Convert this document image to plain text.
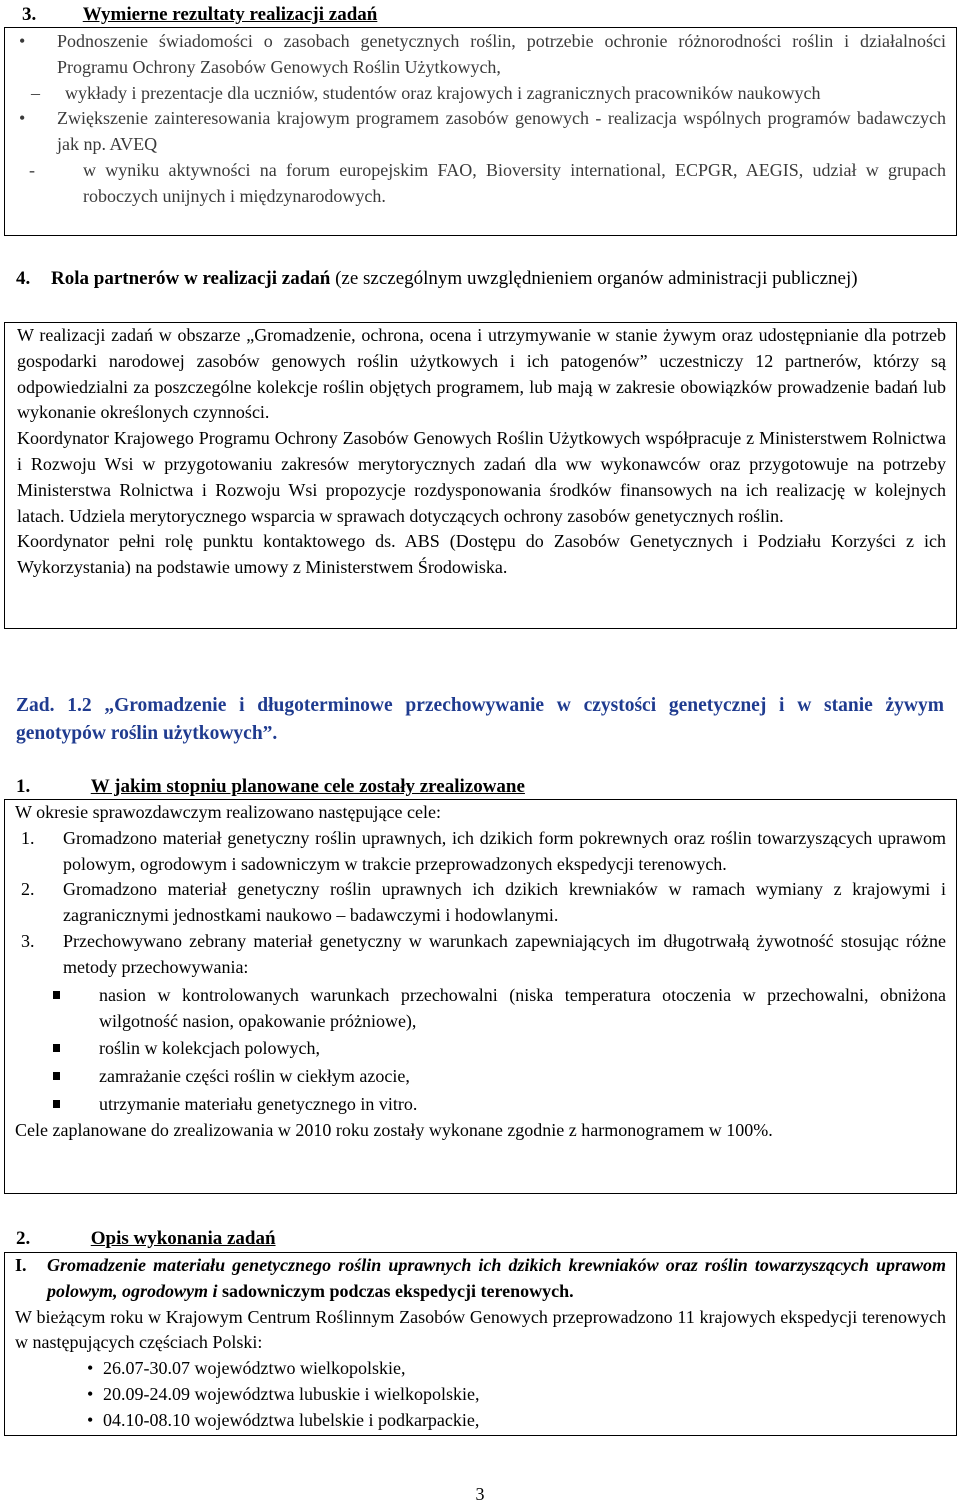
3. Wymierne rezultaty realizacji zadań
• Podnoszenie świadomości o zasobach genetycznych roślin, potrzebie ochronie różnorodności roślin i działalności Programu Ochrony Zasobów Genowych Roślin Użytkowych,
– wykłady i prezentacje dla uczniów, studentów oraz krajowych i zagranicznych pracowników naukowych
• Zwiększenie zainteresowania krajowym programem zasobów genowych - realizacja wspólnych programów badawczych jak np. AVEQ
-	w wyniku aktywności na forum europejskim FAO, Bioversity international, ECPGR, AEGIS, udział w grupach roboczych unijnych i międzynarodowych.
4. Rola partnerów w realizacji zadań (ze szczególnym uwzględnieniem organów administracji publicznej)

W realizacji zadań w obszarze „Gromadzenie, ochrona, ocena i utrzymywanie w stanie żywym oraz udostępnianie dla potrzeb gospodarki narodowej zasobów genowych roślin użytkowych i ich patogenów” uczestniczy 12 partnerów, którzy są odpowiedzialni za poszczególne kolekcje roślin objętych programem, lub mają w zakresie obowiązków prowadzenie badań lub wykonanie określonych czynności.

Koordynator Krajowego Programu Ochrony Zasobów Genowych Roślin Użytkowych współpracuje z Ministerstwem Rolnictwa i Rozwoju Wsi w przygotowaniu zakresów merytorycznych zadań dla ww wykonawców oraz przygotowuje na potrzeby Ministerstwa Rolnictwa i Rozwoju Wsi propozycje rozdysponowania środków finansowych na ich realizację w kolejnych latach. Udziela merytorycznego wsparcia w sprawach dotyczących ochrony zasobów genetycznych roślin.

Koordynator pełni rolę punktu kontaktowego ds. ABS (Dostępu do Zasobów Genetycznych i Podziału Korzyści z ich Wykorzystania) na podstawie umowy z Ministerstwem Środowiska.

Zad. 1.2 „Gromadzenie i długoterminowe przechowywanie w czystości genetycznej i w stanie żywym genotypów roślin użytkowych”.
1.	W jakim stopniu planowane cele zostały zrealizowane

W okresie sprawozdawczym realizowano następujące cele:

1. Gromadzono materiał genetyczny roślin uprawnych, ich dzikich form pokrewnych oraz roślin towarzyszących uprawom polowym, ogrodowym i sadowniczym w trakcie przeprowadzonych ekspedycji terenowych.
2. Gromadzono materiał genetyczny roślin uprawnych ich dzikich krewniaków w ramach wymiany z krajowymi i zagranicznymi jednostkami naukowo – badawczymi i hodowlanymi.
3. Przechowywano zebrany materiał genetyczny w warunkach zapewniających im długotrwałą żywotność stosując różne metody przechowywania:
nasion w kontrolowanych warunkach przechowalni (niska temperatura otoczenia w przechowalni, obniżona wilgotność nasion, opakowanie próżniowe),
roślin w kolekcjach polowych,
zamrażanie części roślin w ciekłym azocie,
utrzymanie materiału genetycznego in vitro.

Cele zaplanowane do zrealizowania w 2010 roku zostały wykonane zgodnie z harmonogramem w 100%.

2.	Opis wykonania zadań
I. Gromadzenie materiału genetycznego roślin uprawnych ich dzikich krewniaków oraz roślin towarzyszących uprawom polowym, ogrodowym i sadowniczym podczas ekspedycji terenowych.

W bieżącym roku w Krajowym Centrum Roślinnym Zasobów Genowych przeprowadzono 11 krajowych ekspedycji terenowych w następujących częściach Polski:

• 26.07-30.07 województwo wielkopolskie,
• 20.09-24.09 województwa lubuskie i wielkopolskie,
• 04.10-08.10 województwa lubelskie i podkarpackie,
3
